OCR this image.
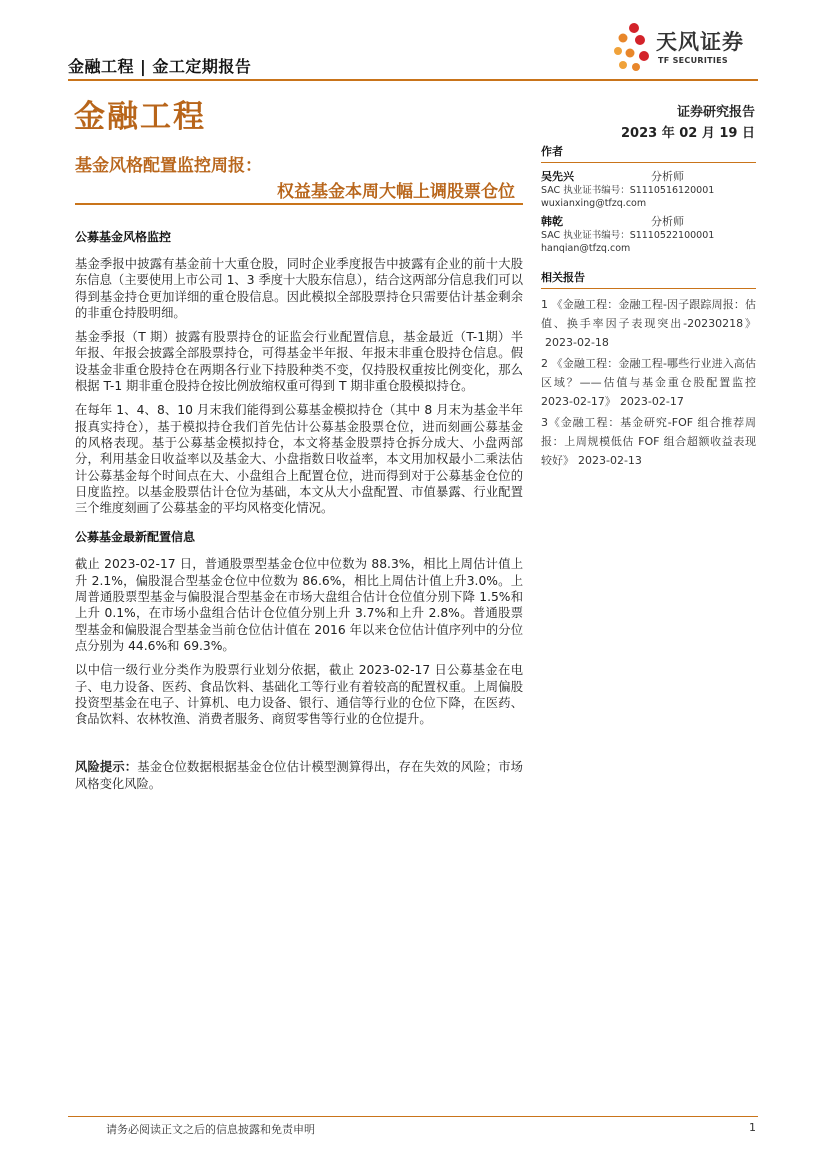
金融工程 | 金工定期报告
天风证券
TF SECURITIES
金融工程	证券研究报告
2023 年 02 月 19 日
基金风格配置监控周报：
权益基金本周大幅上调股票仓位
公募基金风格监控

基金季报中披露有基金前十大重仓股，同时企业季度报告中披露有企业的前十大股东信息（主要使用上市公司 1、3 季度十大股东信息），结合这两部分信息我们可以得到基金持仓更加详细的重仓股信息。因此模拟全部股票持仓只需要估计基金剩余的非重仓持股明细。

基金季报（T 期）披露有股票持仓的证监会行业配置信息，基金最近（T-1期）半年报、年报会披露全部股票持仓，可得基金半年报、年报末非重仓股持仓信息。假设基金非重仓股持仓在两期各行业下持股种类不变，仅持股权重按比例变化，那么根据 T-1 期非重仓股持仓按比例放缩权重可得到 T 期非重仓股模拟持仓。

在每年 1、4、8、10 月末我们能得到公募基金模拟持仓（其中 8 月末为基金半年报真实持仓），基于模拟持仓我们首先估计公募基金股票仓位，进而刻画公募基金的风格表现。基于公募基金模拟持仓，本文将基金股票持仓拆分成大、小盘两部分，利用基金日收益率以及基金大、小盘指数日收益率，本文用加权最小二乘法估计公募基金每个时间点在大、小盘组合上配置仓位，进而得到对于公募基金仓位的日度监控。以基金股票估计仓位为基础，本文从大小盘配置、市值暴露、行业配置三个维度刻画了公募基金的平均风格变化情况。

公募基金最新配置信息

截止 2023-02-17 日，普通股票型基金仓位中位数为 88.3%，相比上周估计值上升 2.1%，偏股混合型基金仓位中位数为 86.6%，相比上周估计值上升3.0%。上周普通股票型基金与偏股混合型基金在市场大盘组合估计仓位值分别下降 1.5%和上升 0.1%，在市场小盘组合估计仓位值分别上升 3.7%和上升 2.8%。普通股票型基金和偏股混合型基金当前仓位估计值在 2016 年以来仓位估计值序列中的分位点分别为 44.6%和 69.3%。

以中信一级行业分类作为股票行业划分依据，截止 2023-02-17 日公募基金在电子、电力设备、医药、食品饮料、基础化工等行业有着较高的配置权重。上周偏股投资型基金在电子、计算机、电力设备、银行、通信等行业的仓位下降，在医药、食品饮料、农林牧渔、消费者服务、商贸零售等行业的仓位提升。

风险提示：基金仓位数据根据基金仓位估计模型测算得出，存在失效的风险；市场风格变化风险。

作者
吴先兴	分析师
SAC 执业证书编号：S1110516120001
wuxianxing@tfzq.com
韩乾	分析师
SAC 执业证书编号：S1110522100001
hanqian@tfzq.com
相关报告
1 《金融工程：金融工程-因子跟踪周报：估值、换手率因子表现突出-20230218》2023-02-18
2 《金融工程：金融工程-哪些行业进入高估区域？——估值与基金重仓股配置监控 2023-02-17》 2023-02-17
3《金融工程：基金研究-FOF 组合推荐周报：上周规模低估 FOF 组合超额收益表现较好》 2023-02-13
请务必阅读正文之后的信息披露和免责申明	1
